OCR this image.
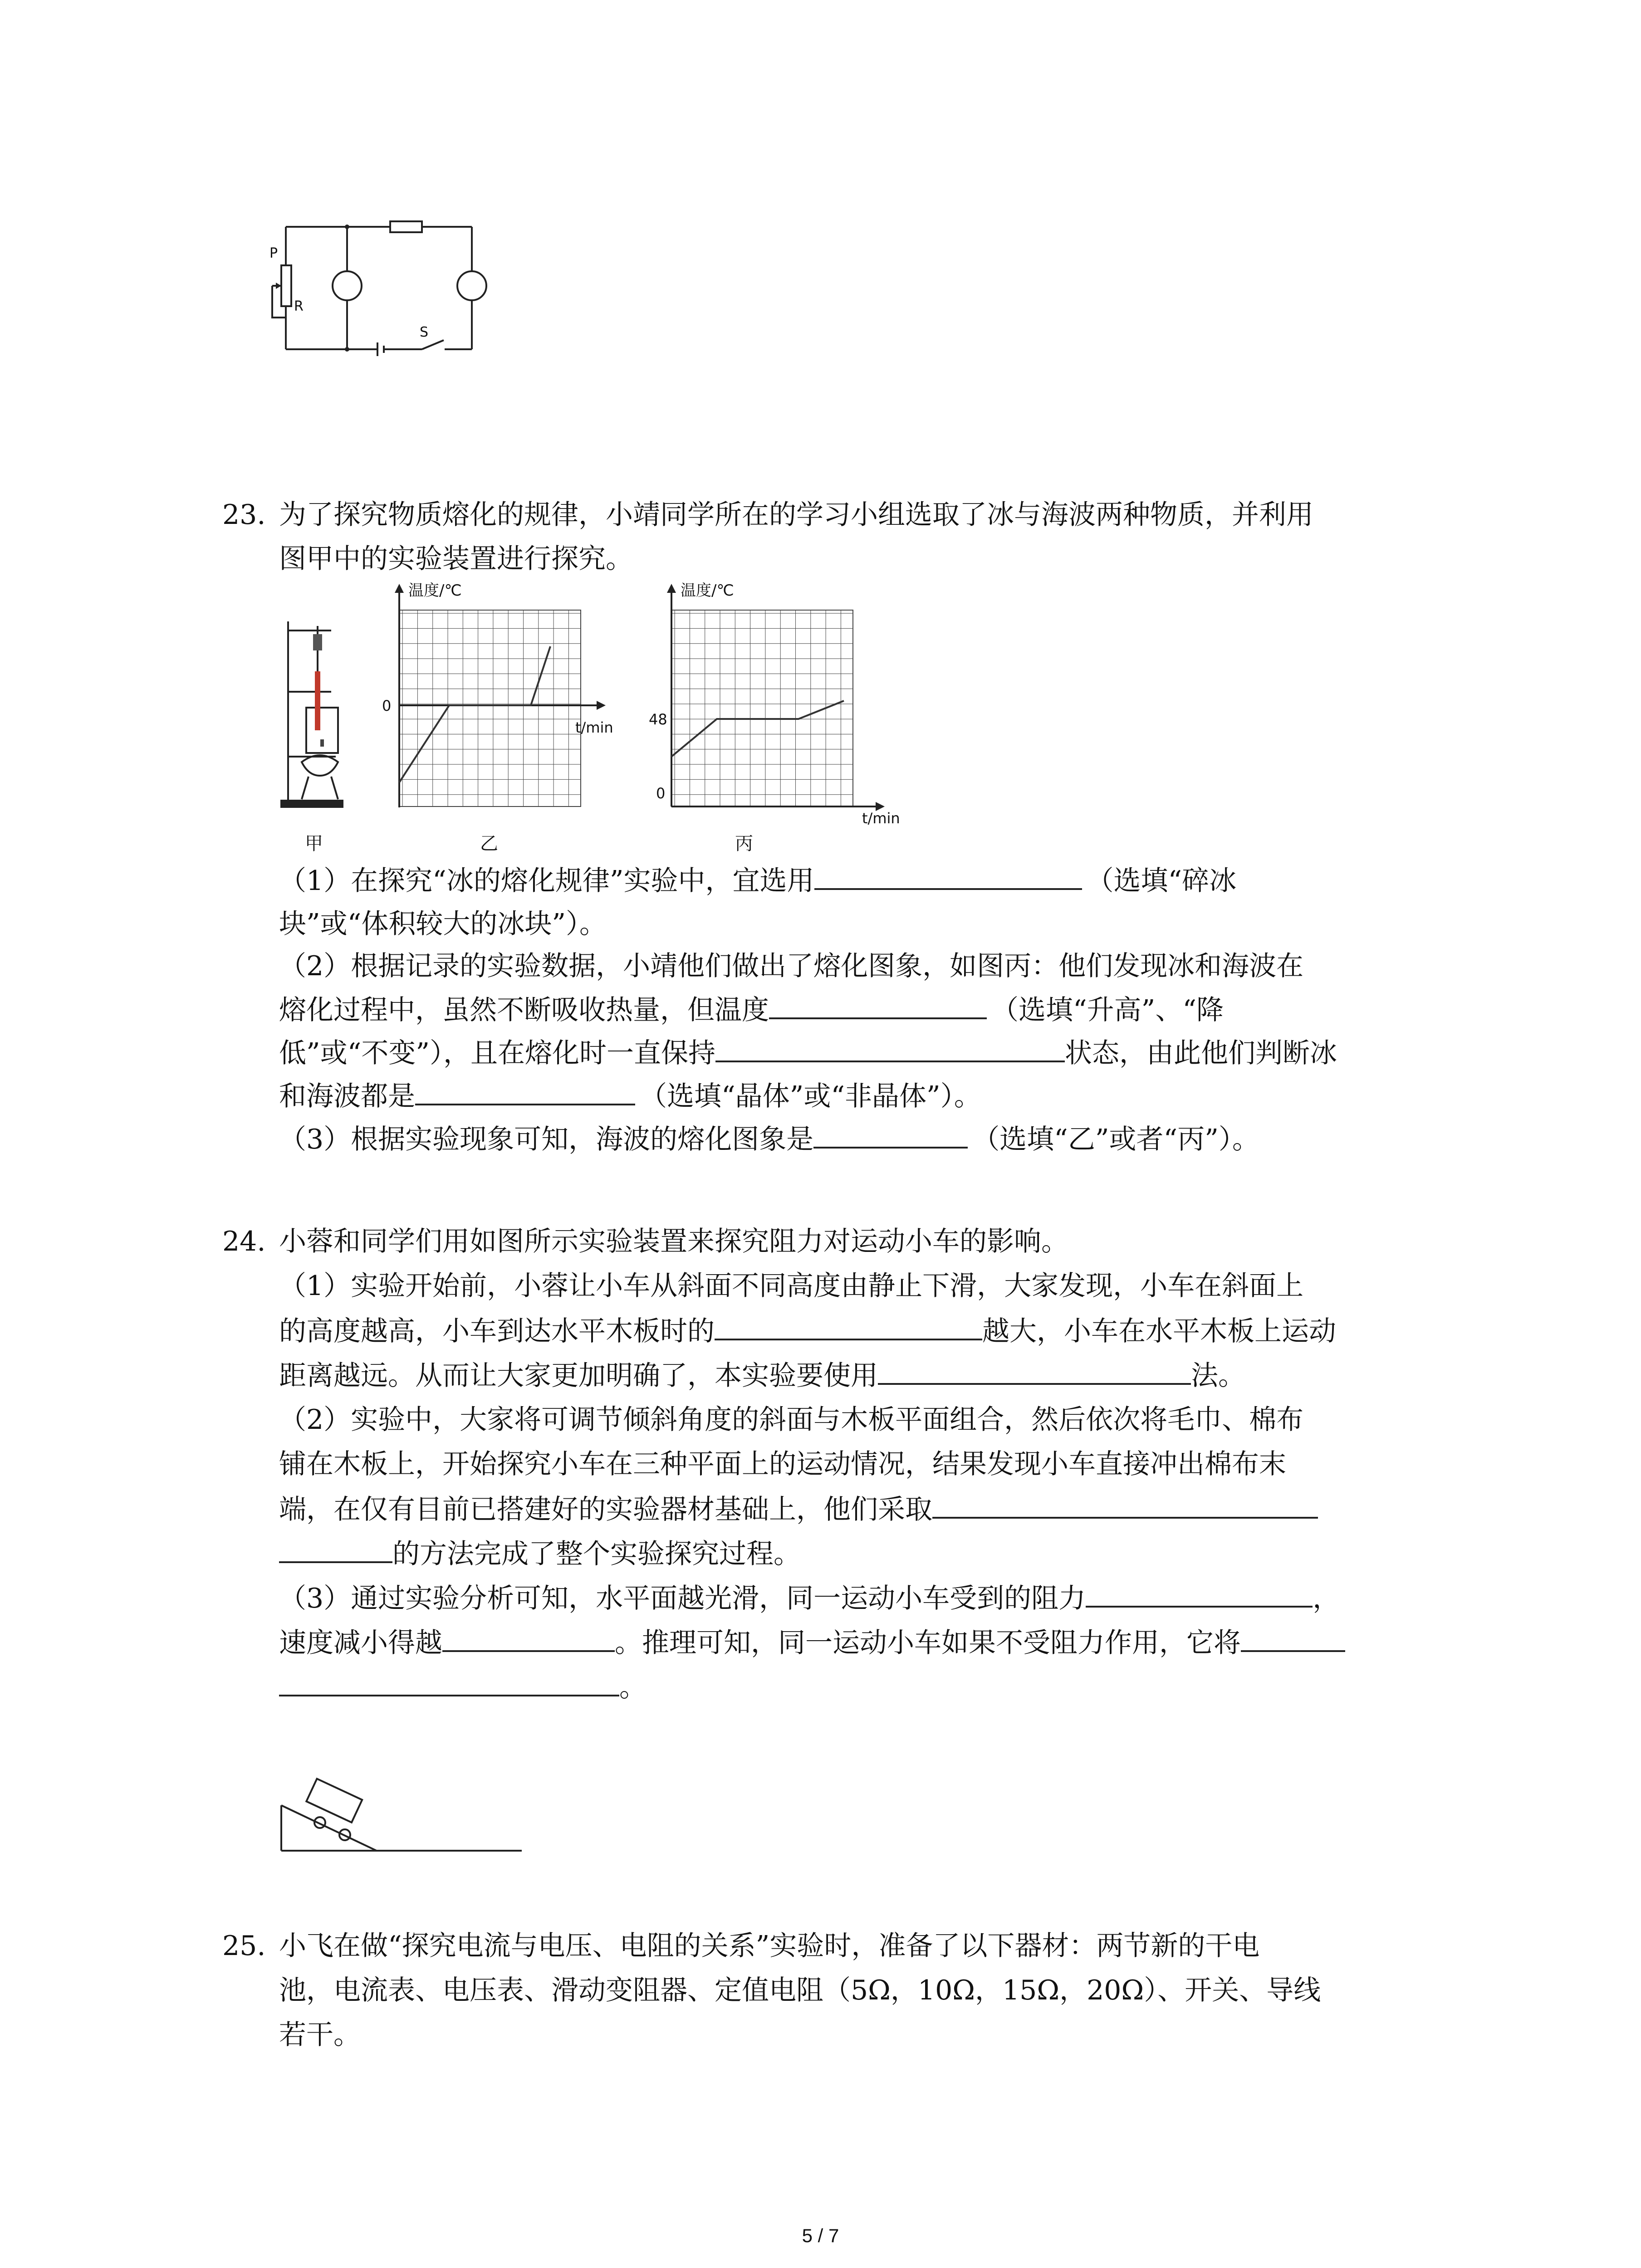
P
R
S
23. 为了探究物质熔化的规律，小靖同学所在的学习小组选取了冰与海波两种物质，并利用
图甲中的实验装置进行探究。
甲
温度/℃
0
t/min
乙
温度/℃
48
0
t/min
丙
（1）在探究“冰的熔化规律”实验中，宜选用	（选填“碎冰
块”或“体积较大的冰块”）。
（2）根据记录的实验数据，小靖他们做出了熔化图象，如图丙：他们发现冰和海波在
熔化过程中，虽然不断吸收热量，但温度	（选填“升高”、“降
低”或“不变”），且在熔化时一直保持	状态，由此他们判断冰
和海波都是	（选填“晶体”或“非晶体”）。
（3）根据实验现象可知，海波的熔化图象是	（选填“乙”或者“丙”）。
24. 小蓉和同学们用如图所示实验装置来探究阻力对运动小车的影响。
（1）实验开始前，小蓉让小车从斜面不同高度由静止下滑，大家发现，小车在斜面上
的高度越高，小车到达水平木板时的	越大，小车在水平木板上运动
距离越远。从而让大家更加明确了，本实验要使用	法。
（2）实验中，大家将可调节倾斜角度的斜面与木板平面组合，然后依次将毛巾、棉布
铺在木板上，开始探究小车在三种平面上的运动情况，结果发现小车直接冲出棉布末
端，在仅有目前已搭建好的实验器材基础上，他们采取
的方法完成了整个实验探究过程。
（3）通过实验分析可知，水平面越光滑，同一运动小车受到的阻力	，
速度减小得越	。推理可知，同一运动小车如果不受阻力作用，它将
。
25. 小飞在做“探究电流与电压、电阻的关系”实验时，准备了以下器材：两节新的干电
池，电流表、电压表、滑动变阻器、定值电阻（5Ω，10Ω，15Ω，20Ω）、开关、导线
若干。
5 / 7
